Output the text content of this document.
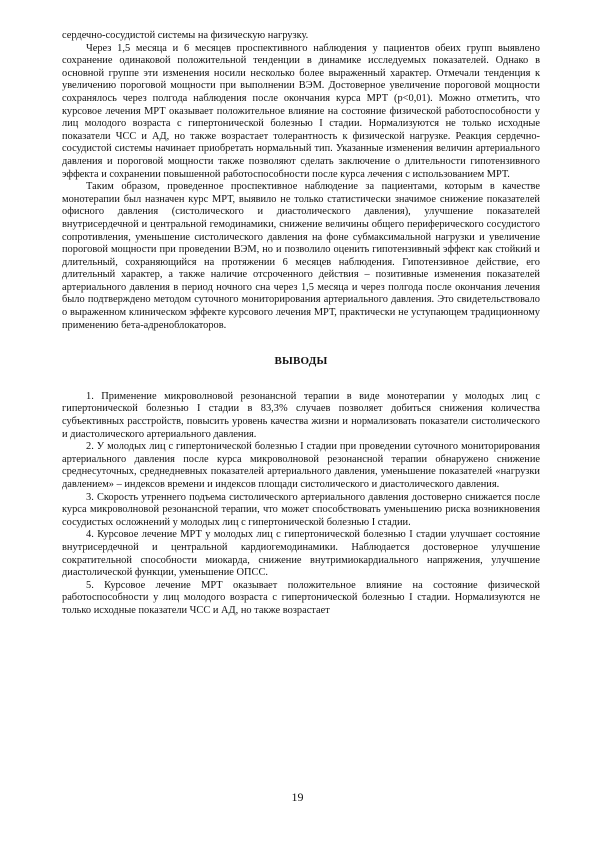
сердечно-сосудистой системы на физическую нагрузку.

Через 1,5 месяца и 6 месяцев проспективного наблюдения у пациентов обеих групп выявлено сохранение одинаковой положительной тенденции в динамике исследуемых показателей. Однако в основной группе эти изменения носили несколько более выраженный характер. Отмечали тенденция к увеличению пороговой мощности при выполнении ВЭМ. Достоверное увеличение пороговой мощности сохранялось через полгода наблюдения после окончания курса МРТ (p<0,01). Можно отметить, что курсовое лечения МРТ оказывает положительное влияние на состояние физической работоспособности у лиц молодого возраста с гипертонической болезнью I стадии. Нормализуются не только исходные показатели ЧСС и АД, но также возрастает толерантность к физической нагрузке. Реакция сердечно-сосудистой системы начинает приобретать нормальный тип. Указанные изменения величин артериального давления и пороговой мощности также позволяют сделать заключение о длительности гипотензивного эффекта и сохранении повышенной работоспособности после курса лечения с использованием МРТ.

Таким образом, проведенное проспективное наблюдение за пациентами, которым в качестве монотерапии был назначен курс МРТ, выявило не только статистически значимое снижение показателей офисного давления (систолического и диастолического давления), улучшение показателей внутрисердечной и центральной гемодинамики, снижение величины общего периферического сосудистого сопротивления, уменьшение систолического давления на фоне субмаксимальной нагрузки и увеличение пороговой мощности при проведении ВЭМ, но и позволило оценить гипотензивный эффект как стойкий и длительный, сохраняющийся на протяжении 6 месяцев наблюдения. Гипотензивное действие, его длительный характер, а также наличие отсроченного действия – позитивные изменения показателей артериального давления в период ночного сна через 1,5 месяца и через полгода после окончания лечения было подтверждено методом суточного мониторирования артериального давления. Это свидетельствовало о выраженном клиническом эффекте курсового лечения МРТ, практически не уступающем традиционному применению бета-адреноблокаторов.

ВЫВОДЫ

1. Применение микроволновой резонансной терапии в виде монотерапии у молодых лиц с гипертонической болезнью I стадии в 83,3% случаев позволяет добиться снижения количества субъективных расстройств, повысить уровень качества жизни и нормализовать показатели систолического и диастолического артериального давления.

2. У молодых лиц с гипертонической болезнью I стадии при проведении суточного мониторирования артериального давления после курса микроволновой резонансной терапии обнаружено снижение среднесуточных, среднедневных показателей артериального давления, уменьшение показателей «нагрузки давлением» – индексов времени и индексов площади систолического и диастолического давления.

3. Скорость утреннего подъема систолического артериального давления достоверно снижается после курса микроволновой резонансной терапии, что может способствовать уменьшению риска возникновения сосудистых осложнений у молодых лиц с гипертонической болезнью I стадии.

4. Курсовое лечение МРТ у молодых лиц с гипертонической болезнью I стадии улучшает состояние внутрисердечной и центральной кардиогемодинамики. Наблюдается достоверное улучшение сократительной способности миокарда, снижение внутримиокардиального напряжения, улучшение диастолической функции, уменьшение ОПСС.

5. Курсовое лечение МРТ оказывает положительное влияние на состояние физической работоспособности у лиц молодого возраста с гипертонической болезнью I стадии. Нормализуются не только исходные показатели ЧСС и АД, но также возрастает

19
